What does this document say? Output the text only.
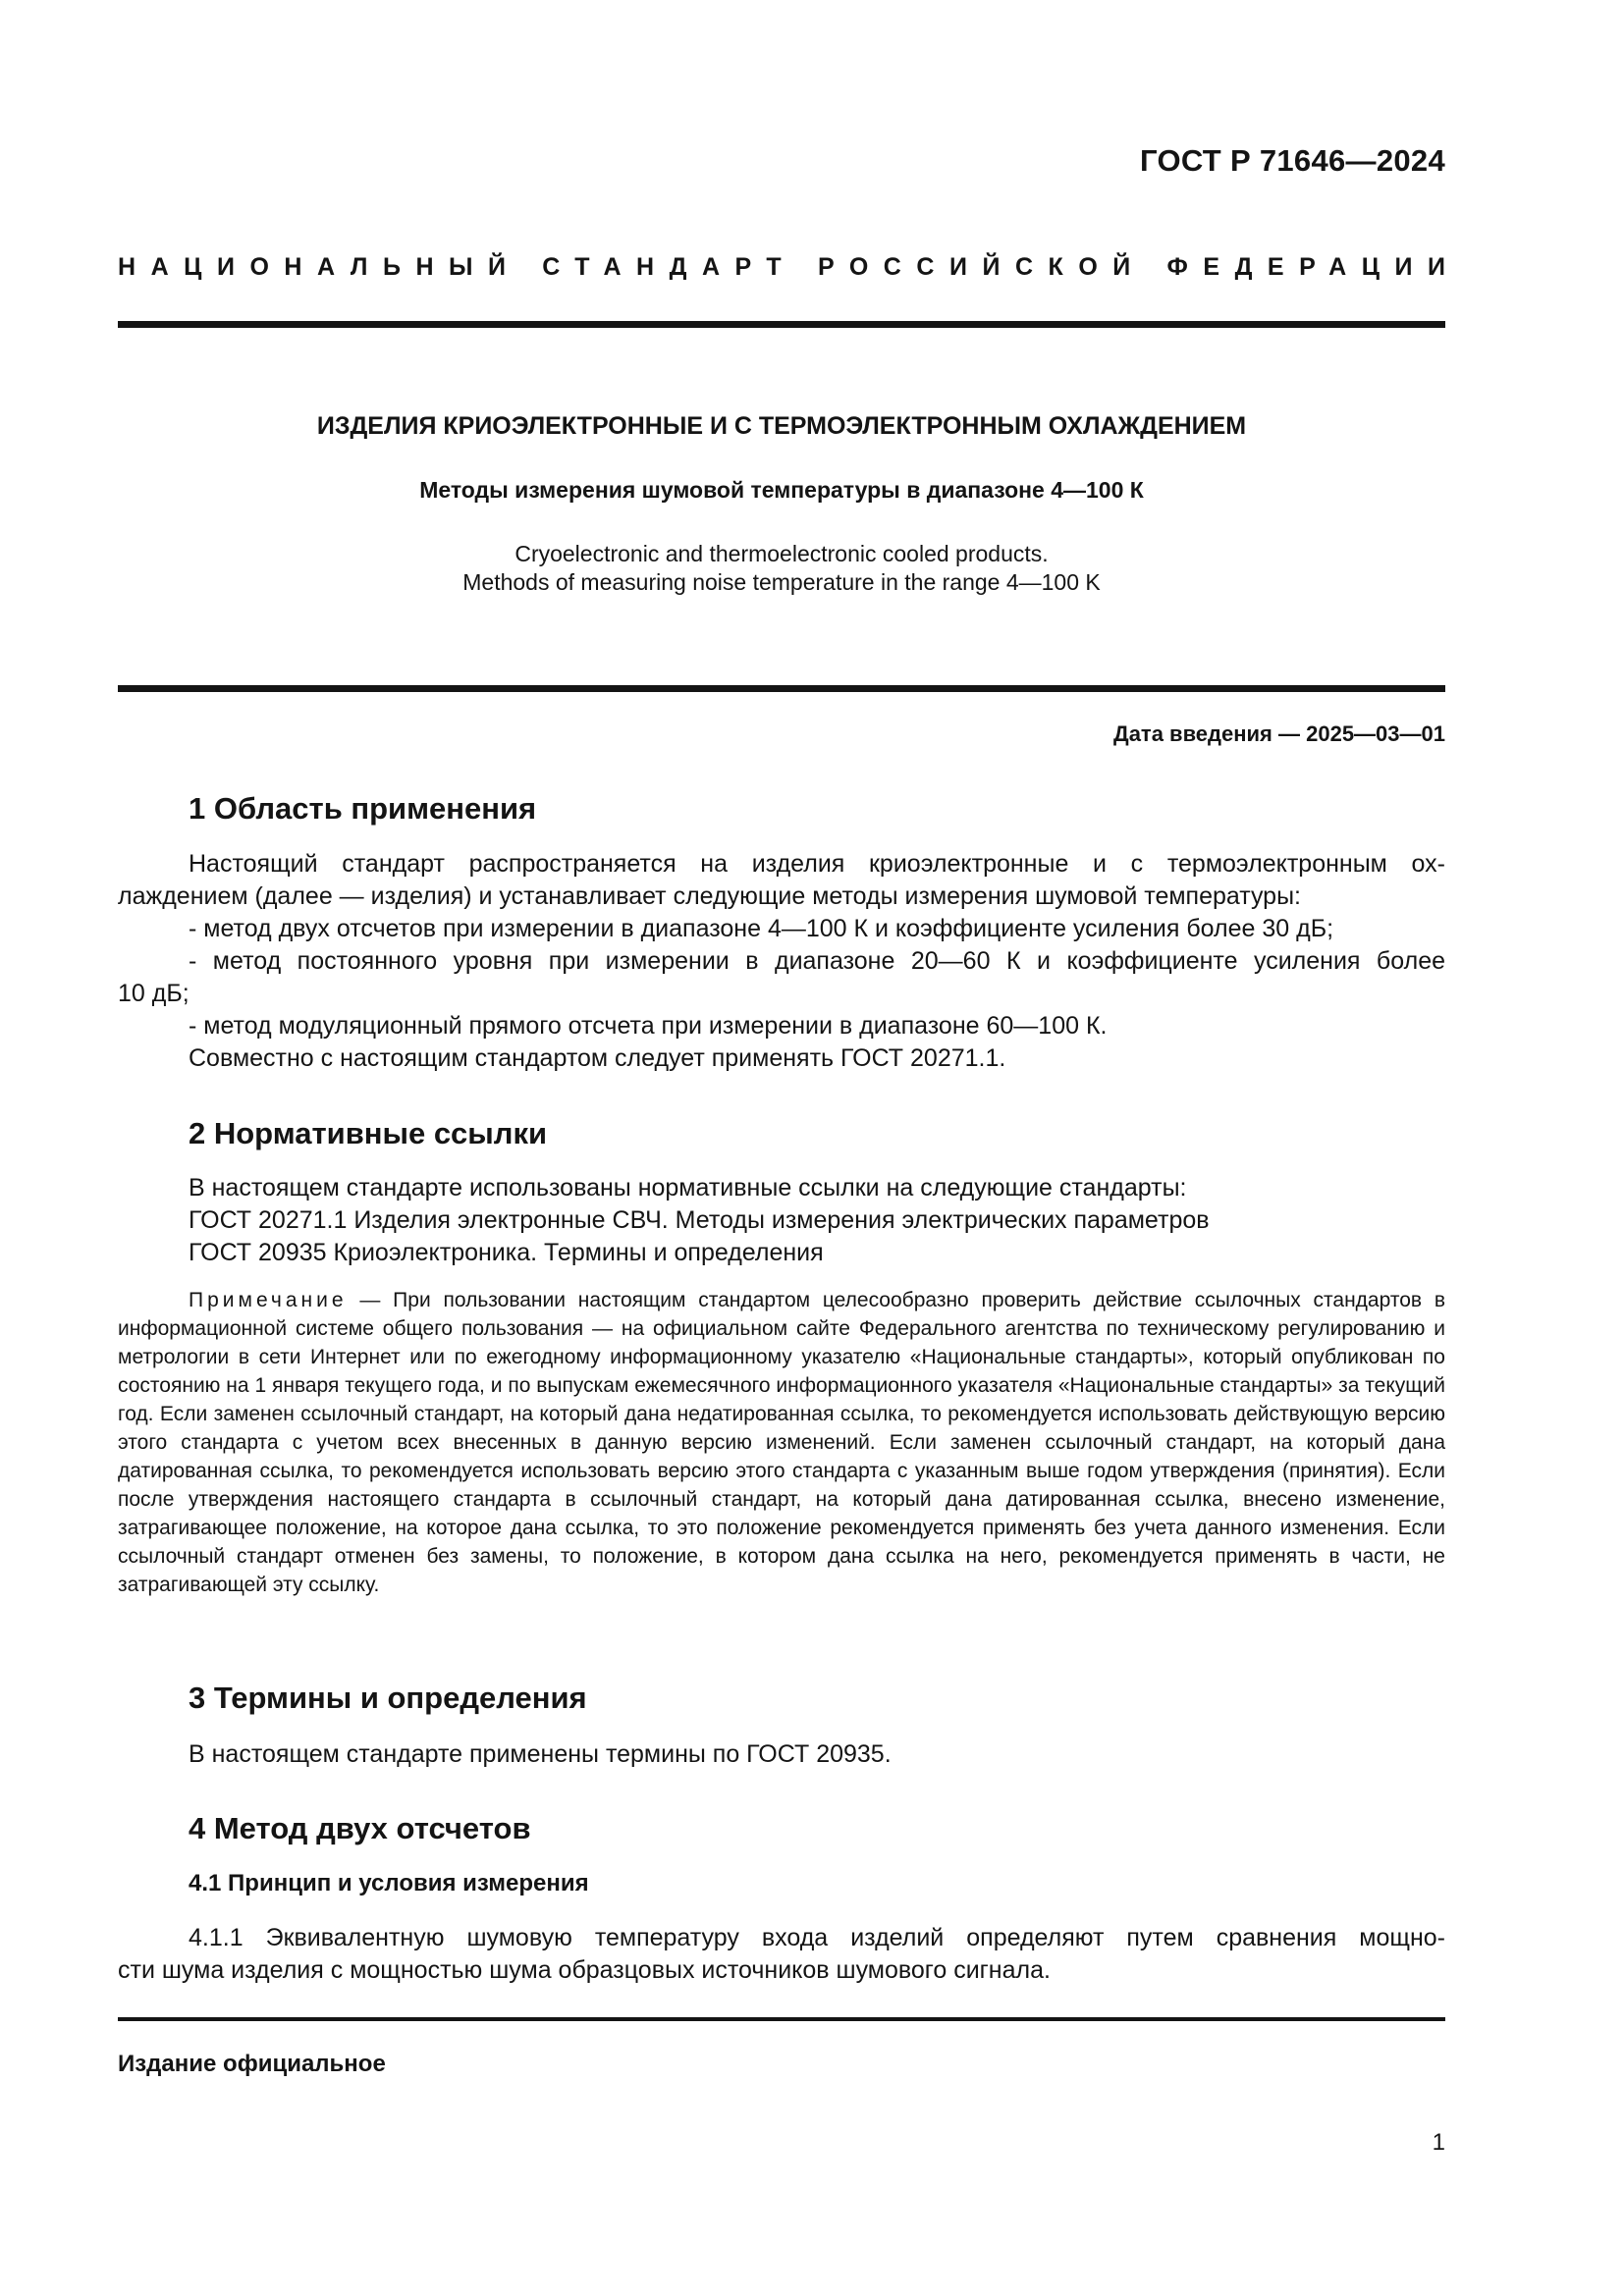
ГОСТ Р 71646—2024
НАЦИОНАЛЬНЫЙ СТАНДАРТ РОССИЙСКОЙ ФЕДЕРАЦИИ
ИЗДЕЛИЯ КРИОЭЛЕКТРОННЫЕ И С ТЕРМОЭЛЕКТРОННЫМ ОХЛАЖДЕНИЕМ
Методы измерения шумовой температуры в диапазоне 4—100 К
Cryoelectronic and thermoelectronic cooled products.
Methods of measuring noise temperature in the range 4—100 K
Дата введения — 2025—03—01
1 Область применения
Настоящий стандарт распространяется на изделия криоэлектронные и с термоэлектронным ох-
лаждением (далее — изделия) и устанавливает следующие методы измерения шумовой температуры:
- метод двух отсчетов при измерении в диапазоне 4—100 К и коэффициенте усиления более 30 дБ;
- метод постоянного уровня при измерении в диапазоне 20—60 К и коэффициенте усиления более
10 дБ;
- метод модуляционный прямого отсчета при измерении в диапазоне 60—100 К.
Совместно с настоящим стандартом следует применять ГОСТ 20271.1.
2 Нормативные ссылки
В настоящем стандарте использованы нормативные ссылки на следующие стандарты:
ГОСТ 20271.1 Изделия электронные СВЧ. Методы измерения электрических параметров
ГОСТ 20935 Криоэлектроника. Термины и определения
Примечание — При пользовании настоящим стандартом целесообразно проверить действие ссылочных стандартов в информационной системе общего пользования — на официальном сайте Федерального агентства по техническому регулированию и метрологии в сети Интернет или по ежегодному информационному указателю «Национальные стандарты», который опубликован по состоянию на 1 января текущего года, и по выпускам ежемесячного информационного указателя «Национальные стандарты» за текущий год. Если заменен ссылочный стандарт, на который дана недатированная ссылка, то рекомендуется использовать действующую версию этого стандарта с учетом всех внесенных в данную версию изменений. Если заменен ссылочный стандарт, на который дана датированная ссылка, то рекомендуется использовать версию этого стандарта с указанным выше годом утверждения (принятия). Если после утверждения настоящего стандарта в ссылочный стандарт, на который дана датированная ссылка, внесено изменение, затрагивающее положение, на которое дана ссылка, то это положение рекомендуется применять без учета данного изменения. Если ссылочный стандарт отменен без замены, то положение, в котором дана ссылка на него, рекомендуется применять в части, не затрагивающей эту ссылку.
3 Термины и определения
В настоящем стандарте применены термины по ГОСТ 20935.
4 Метод двух отсчетов
4.1 Принцип и условия измерения
4.1.1 Эквивалентную шумовую температуру входа изделий определяют путем сравнения мощно-
сти шума изделия с мощностью шума образцовых источников шумового сигнала.
Издание официальное
1
